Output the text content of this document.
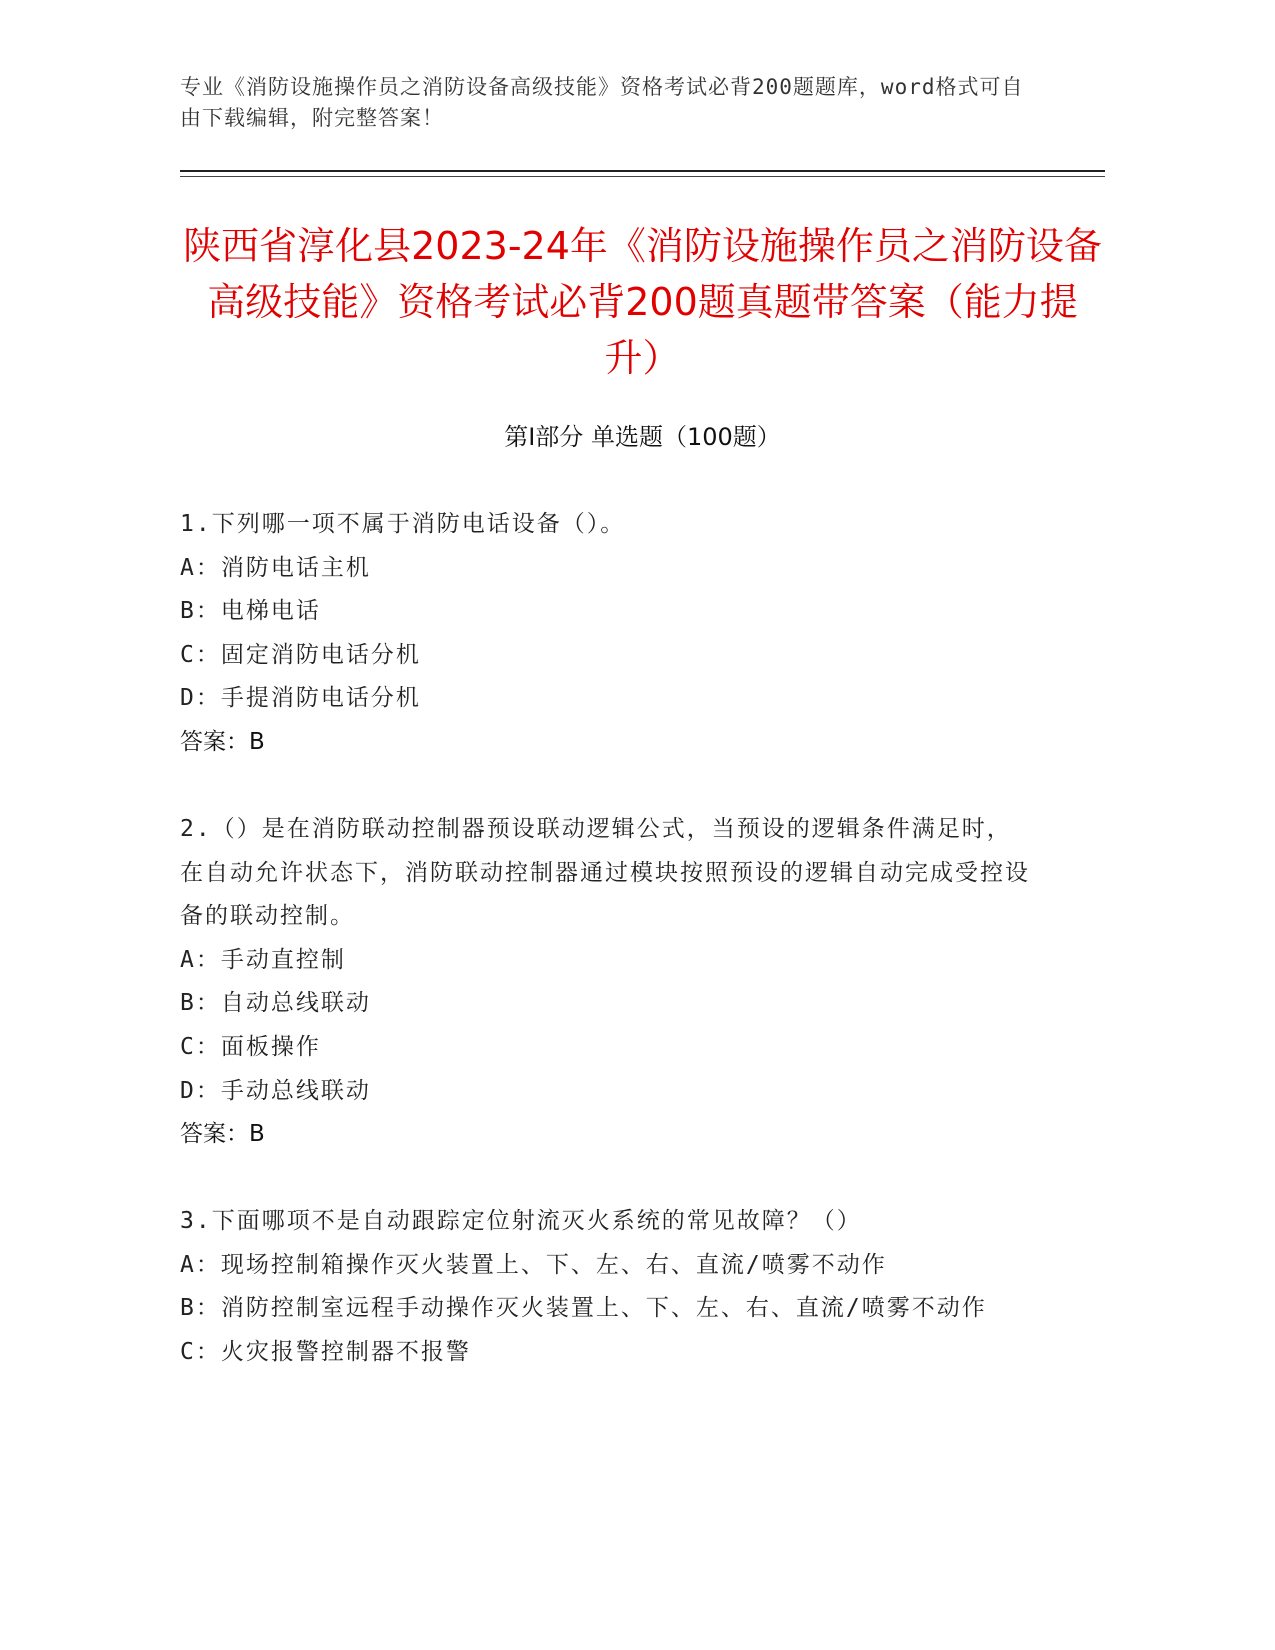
专业《消防设施操作员之消防设备高级技能》资格考试必背200题题库，word格式可自由下载编辑，附完整答案！
陕西省淳化县2023-24年《消防设施操作员之消防设备高级技能》资格考试必背200题真题带答案（能力提升）
第I部分 单选题（100题）
1.下列哪一项不属于消防电话设备（）。
A：消防电话主机
B：电梯电话
C：固定消防电话分机
D：手提消防电话分机
答案：B
2.（）是在消防联动控制器预设联动逻辑公式，当预设的逻辑条件满足时，在自动允许状态下，消防联动控制器通过模块按照预设的逻辑自动完成受控设备的联动控制。
A：手动直控制
B：自动总线联动
C：面板操作
D：手动总线联动
答案：B
3.下面哪项不是自动跟踪定位射流灭火系统的常见故障？（）
A：现场控制箱操作灭火装置上、下、左、右、直流/喷雾不动作
B：消防控制室远程手动操作灭火装置上、下、左、右、直流/喷雾不动作
C：火灾报警控制器不报警
